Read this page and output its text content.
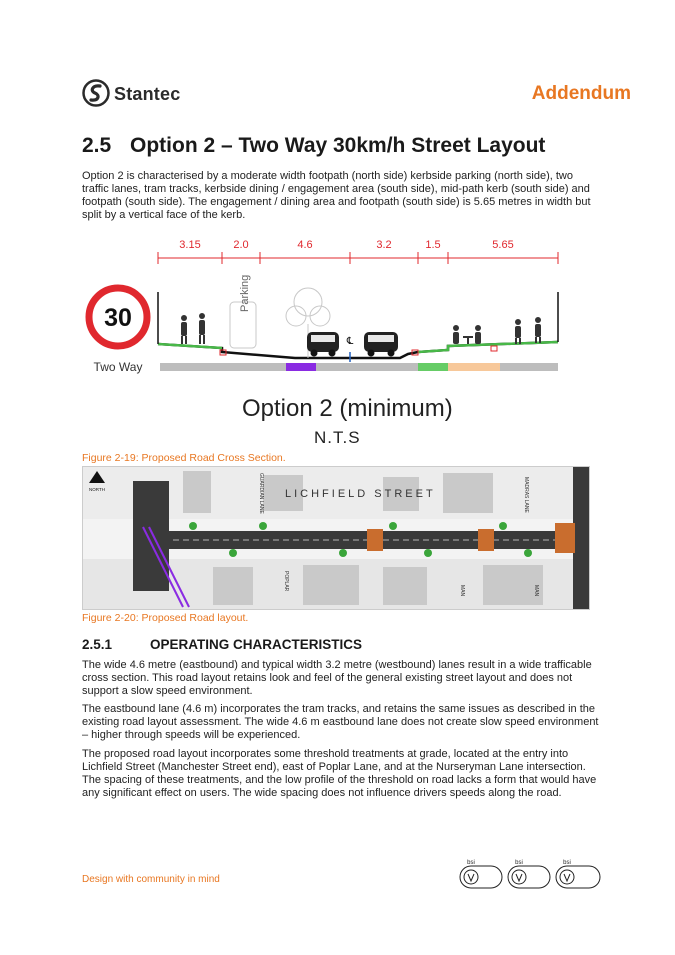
Stantec	Addendum
2.5 Option 2 – Two Way 30km/h Street Layout
Option 2 is characterised by a moderate width footpath (north side) kerbside parking (north side), two traffic lanes, tram tracks, kerbside dining / engagement area (south side), mid-path kerb (south side) and footpath (south side). The engagement / dining area and footpath (south side) is 5.65 metres in width but split by a vertical face of the kerb.
3.15	2.0	4.6	3.2	1.5	5.65
30
Two Way
Parking
℄
Option 2 (minimum)
N.T.S
Figure 2-19: Proposed Road Cross Section.
NORTH	LICHFIELD STREET
GUARDIAN LANE	MADRAS LANE
POPLAR	MAN	MAN
Figure 2-20: Proposed Road layout.
2.5.1	OPERATING CHARACTERISTICS
The wide 4.6 metre (eastbound) and typical width 3.2 metre (westbound) lanes result in a wide trafficable cross section. This road layout retains look and feel of the general existing street layout and does not support a slow speed environment.
The eastbound lane (4.6 m) incorporates the tram tracks, and retains the same issues as described in the existing road layout assessment. The wide 4.6 m eastbound lane does not create slow speed environment – higher through speeds will be experienced.
The proposed road layout incorporates some threshold treatments at grade, located at the entry into Lichfield Street (Manchester Street end), east of Poplar Lane, and at the Nurseryman Lane intersection. The spacing of these treatments, and the low profile of the threshold on road lacks a form that would have any significant effect on users. The wide spacing does not influence drivers speeds along the road.
Design with community in mind
bsi	bsi	bsi
